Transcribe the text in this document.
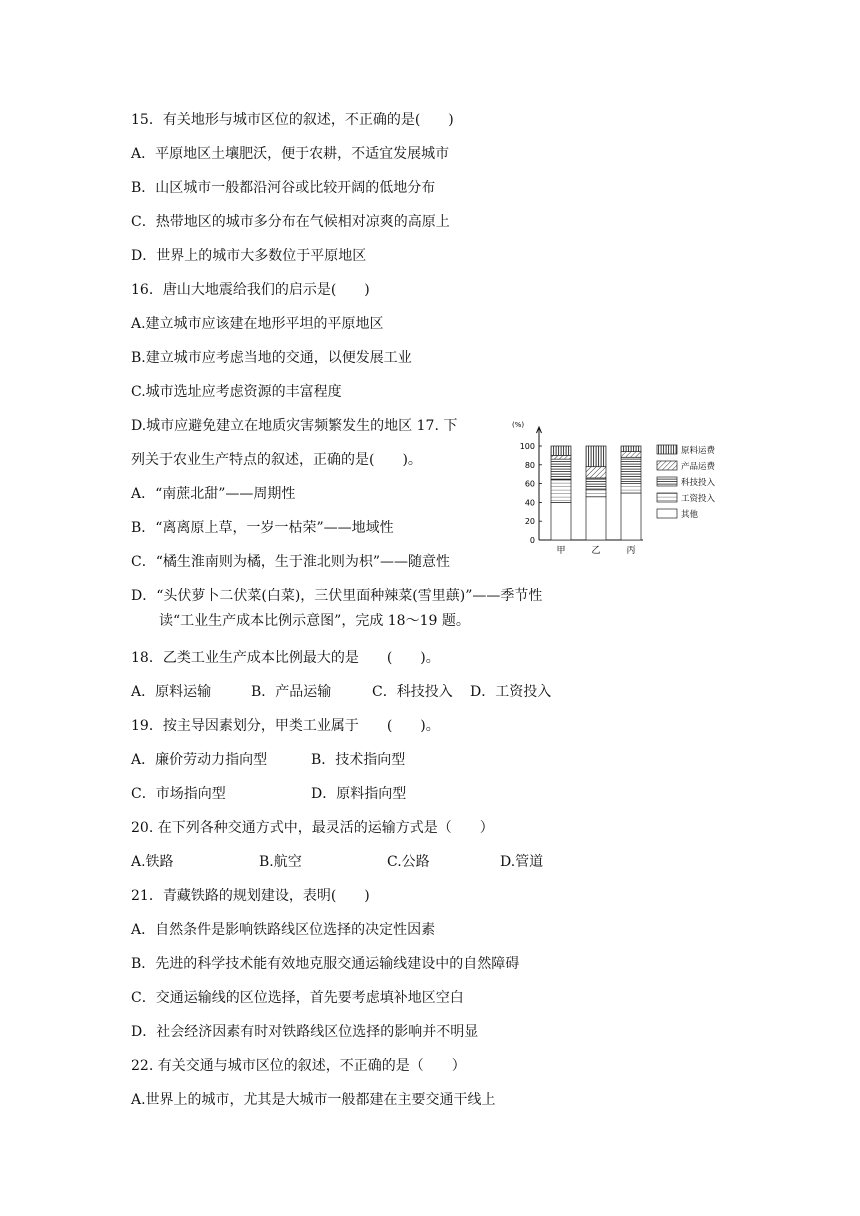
15．有关地形与城市区位的叙述，不正确的是(　　)
A．平原地区土壤肥沃，便于农耕，不适宜发展城市
B．山区城市一般都沿河谷或比较开阔的低地分布
C．热带地区的城市多分布在气候相对凉爽的高原上
D．世界上的城市大多数位于平原地区
16．唐山大地震给我们的启示是(　　)
A.建立城市应该建在地形平坦的平原地区
B.建立城市应考虑当地的交通，以便发展工业
C.城市选址应考虑资源的丰富程度
D.城市应避免建立在地质灾害频繁发生的地区 17. 下
列关于农业生产特点的叙述，正确的是(　　)。
A．“南蔗北甜”——周期性
B．“离离原上草，一岁一枯荣”——地域性
C．“橘生淮南则为橘，生于淮北则为枳”——随意性
D．“头伏萝卜二伏菜(白菜)，三伏里面种辣菜(雪里蕻)”——季节性
读“工业生产成本比例示意图”，完成 18～19 题。
18．乙类工业生产成本比例最大的是　　(　　)。
A．原料运输	B．产品运输	C．科技投入 D．工资投入
19．按主导因素划分，甲类工业属于　　(　　)。
A．廉价劳动力指向型	B．技术指向型
C．市场指向型	D．原料指向型
20. 在下列各种交通方式中，最灵活的运输方式是（　　）
A.铁路	B.航空	C.公路	D.管道
21．青藏铁路的规划建设，表明(　　)
A．自然条件是影响铁路线区位选择的决定性因素
B．先进的科学技术能有效地克服交通运输线建设中的自然障碍
C．交通运输线的区位选择，首先要考虑填补地区空白
D．社会经济因素有时对铁路线区位选择的影响并不明显
22. 有关交通与城市区位的叙述，不正确的是（　　）
A.世界上的城市，尤其是大城市一般都建在主要交通干线上
(%)
0
20
40
60
80
100
甲	乙	丙
原料运费
产品运费
科技投入
工资投入
其他
